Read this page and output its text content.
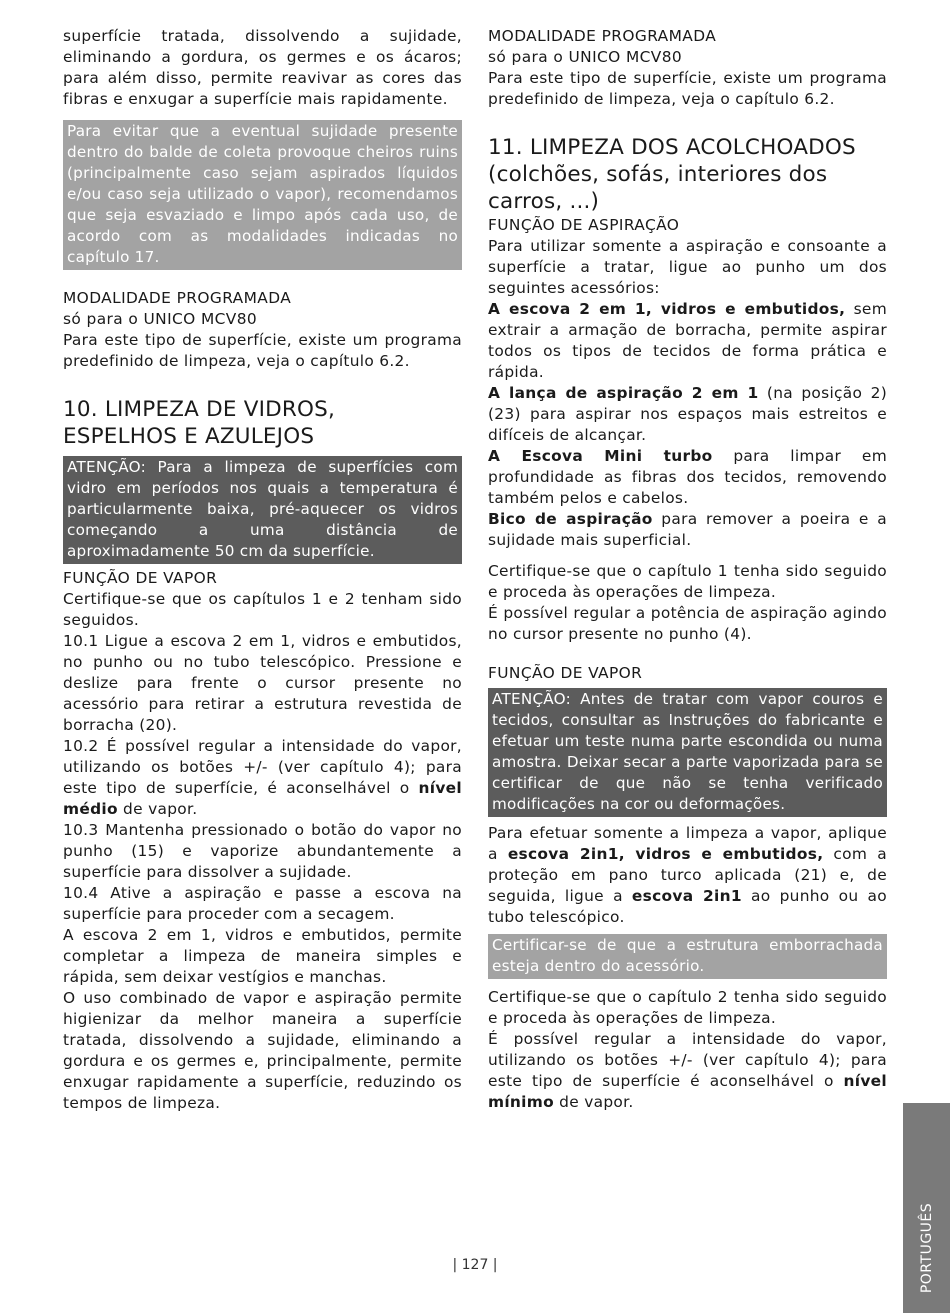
superfície tratada, dissolvendo a sujidade, eliminando a gordura, os germes e os ácaros; para além disso, permite reavivar as cores das fibras e enxugar a superfície mais rapidamente.

Para evitar que a eventual sujidade presente dentro do balde de coleta provoque cheiros ruins (principalmente caso sejam aspirados líquidos e/ou caso seja utilizado o vapor), recomendamos que seja esvaziado e limpo após cada uso, de acordo com as modalidades indicadas no capítulo 17.

MODALIDADE PROGRAMADA
só para o UNICO MCV80

Para este tipo de superfície, existe um programa predefinido de limpeza, veja o capítulo 6.2.

10. LIMPEZA DE VIDROS,
ESPELHOS E AZULEJOS

ATENÇÃO: Para a limpeza de superfícies com vidro em períodos nos quais a temperatura é particularmente baixa, pré-aquecer os vidros começando a uma distância de aproximadamente 50 cm da superfície.

FUNÇÃO DE VAPOR

Certifique-se que os capítulos 1 e 2 tenham sido seguidos.

10.1 Ligue a escova 2 em 1, vidros e embutidos, no punho ou no tubo telescópico. Pressione e deslize para frente o cursor presente no acessório para retirar a estrutura revestida de borracha (20).

10.2 É possível regular a intensidade do vapor, utilizando os botões +/- (ver capítulo 4); para este tipo de superfície, é aconselhável o nível médio de vapor.

10.3 Mantenha pressionado o botão do vapor no punho (15) e vaporize abundantemente a superfície para dissolver a sujidade.

10.4 Ative a aspiração e passe a escova na superfície para proceder com a secagem.

A escova 2 em 1, vidros e embutidos, permite completar a limpeza de maneira simples e rápida, sem deixar vestígios e manchas.

O uso combinado de vapor e aspiração permite higienizar da melhor maneira a superfície tratada, dissolvendo a sujidade, eliminando a gordura e os germes e, principalmente, permite enxugar rapidamente a superfície, reduzindo os tempos de limpeza.

MODALIDADE PROGRAMADA
só para o UNICO MCV80

Para este tipo de superfície, existe um programa predefinido de limpeza, veja o capítulo 6.2.

11. LIMPEZA DOS ACOLCHOADOS
(colchões, sofás, interiores dos
carros, ...)
FUNÇÃO DE ASPIRAÇÃO

Para utilizar somente a aspiração e consoante a superfície a tratar, ligue ao punho um dos seguintes acessórios:

A escova 2 em 1, vidros e embutidos, sem extrair a armação de borracha, permite aspirar todos os tipos de tecidos de forma prática e rápida.

A lança de aspiração 2 em 1 (na posição 2) (23) para aspirar nos espaços mais estreitos e difíceis de alcançar.

A Escova Mini turbo para limpar em profundidade as fibras dos tecidos, removendo também pelos e cabelos.

Bico de aspiração para remover a poeira e a sujidade mais superficial.

Certifique-se que o capítulo 1 tenha sido seguido e proceda às operações de limpeza.

É possível regular a potência de aspiração agindo no cursor presente no punho (4).

FUNÇÃO DE VAPOR

ATENÇÃO: Antes de tratar com vapor couros e tecidos, consultar as Instruções do fabricante e efetuar um teste numa parte escondida ou numa amostra. Deixar secar a parte vaporizada para se certificar de que não se tenha verificado modificações na cor ou deformações.

Para efetuar somente a limpeza a vapor, aplique a escova 2in1, vidros e embutidos, com a proteção em pano turco aplicada (21) e, de seguida, ligue a escova 2in1 ao punho ou ao tubo telescópico.

Certificar-se de que a estrutura emborrachada esteja dentro do acessório.

Certifique-se que o capítulo 2 tenha sido seguido e proceda às operações de limpeza.

É possível regular a intensidade do vapor, utilizando os botões +/- (ver capítulo 4); para este tipo de superfície é aconselhável o nível mínimo de vapor.

| 127 |	PORTUGUÊS
